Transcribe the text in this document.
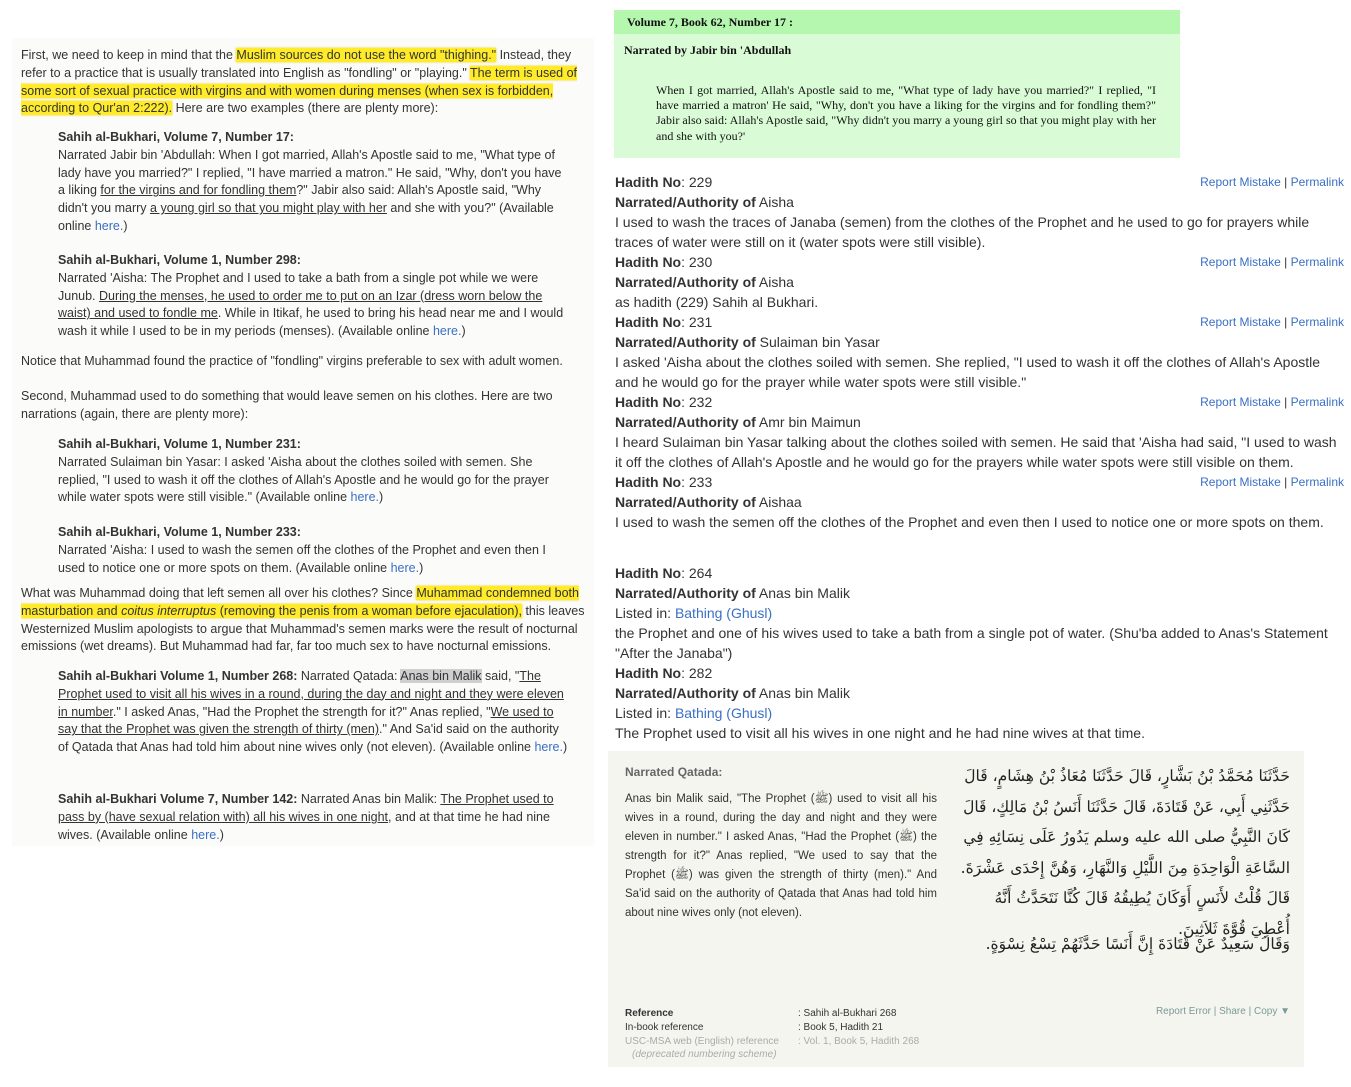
First, we need to keep in mind that the Muslim sources do not use the word "thighing." Instead, they refer to a practice that is usually translated into English as "fondling" or "playing." The term is used of some sort of sexual practice with virgins and with women during menses (when sex is forbidden, according to Qur'an 2:222). Here are two examples (there are plenty more):
Sahih al-Bukhari, Volume 7, Number 17:
Narrated Jabir bin 'Abdullah: When I got married, Allah's Apostle said to me, "What type of lady have you married?" I replied, "I have married a matron." He said, "Why, don't you have a liking for the virgins and for fondling them?" Jabir also said: Allah's Apostle said, "Why didn't you marry a young girl so that you might play with her and she with you?" (Available online here.)
Sahih al-Bukhari, Volume 1, Number 298:
Narrated 'Aisha: The Prophet and I used to take a bath from a single pot while we were Junub. During the menses, he used to order me to put on an Izar (dress worn below the waist) and used to fondle me. While in Itikaf, he used to bring his head near me and I would wash it while I used to be in my periods (menses). (Available online here.)
Notice that Muhammad found the practice of "fondling" virgins preferable to sex with adult women.
Second, Muhammad used to do something that would leave semen on his clothes. Here are two narrations (again, there are plenty more):
Sahih al-Bukhari, Volume 1, Number 231:
Narrated Sulaiman bin Yasar: I asked 'Aisha about the clothes soiled with semen. She replied, "I used to wash it off the clothes of Allah's Apostle and he would go for the prayer while water spots were still visible." (Available online here.)
Sahih al-Bukhari, Volume 1, Number 233:
Narrated 'Aisha: I used to wash the semen off the clothes of the Prophet and even then I used to notice one or more spots on them. (Available online here.)
What was Muhammad doing that left semen all over his clothes? Since Muhammad condemned both masturbation and coitus interruptus (removing the penis from a woman before ejaculation), this leaves Westernized Muslim apologists to argue that Muhammad's semen marks were the result of nocturnal emissions (wet dreams). But Muhammad had far, far too much sex to have nocturnal emissions.
Sahih al-Bukhari Volume 1, Number 268: Narrated Qatada: Anas bin Malik said, "The Prophet used to visit all his wives in a round, during the day and night and they were eleven in number." I asked Anas, "Had the Prophet the strength for it?" Anas replied, "We used to say that the Prophet was given the strength of thirty (men)." And Sa'id said on the authority of Qatada that Anas had told him about nine wives only (not eleven). (Available online here.)
Sahih al-Bukhari Volume 7, Number 142: Narrated Anas bin Malik: The Prophet used to pass by (have sexual relation with) all his wives in one night, and at that time he had nine wives. (Available online here.)
Volume 7, Book 62, Number 17 :
Narrated by Jabir bin 'Abdullah
When I got married, Allah's Apostle said to me, "What type of lady have you married?" I replied, "I have married a matron' He said, "Why, don't you have a liking for the virgins and for fondling them?" Jabir also said: Allah's Apostle said, "Why didn't you marry a young girl so that you might play with her and she with you?'
Hadith No: 229	Report Mistake | Permalink
Narrated/Authority of Aisha
I used to wash the traces of Janaba (semen) from the clothes of the Prophet and he used to go for prayers while traces of water were still on it (water spots were still visible).
Hadith No: 230	Report Mistake | Permalink
Narrated/Authority of Aisha
as hadith (229) Sahih al Bukhari.
Hadith No: 231	Report Mistake | Permalink
Narrated/Authority of Sulaiman bin Yasar
I asked 'Aisha about the clothes soiled with semen. She replied, "I used to wash it off the clothes of Allah's Apostle and he would go for the prayer while water spots were still visible."
Hadith No: 232	Report Mistake | Permalink
Narrated/Authority of Amr bin Maimun
I heard Sulaiman bin Yasar talking about the clothes soiled with semen. He said that 'Aisha had said, "I used to wash it off the clothes of Allah's Apostle and he would go for the prayers while water spots were still visible on them.
Hadith No: 233	Report Mistake | Permalink
Narrated/Authority of Aishaa
I used to wash the semen off the clothes of the Prophet and even then I used to notice one or more spots on them.
Hadith No: 264
Narrated/Authority of Anas bin Malik
Listed in: Bathing (Ghusl)
the Prophet and one of his wives used to take a bath from a single pot of water. (Shu'ba added to Anas's Statement "After the Janaba")
Hadith No: 282
Narrated/Authority of Anas bin Malik
Listed in: Bathing (Ghusl)
The Prophet used to visit all his wives in one night and he had nine wives at that time.
Narrated Qatada:
Anas bin Malik said, "The Prophet (ﷺ) used to visit all his wives in a round, during the day and night and they were eleven in number." I asked Anas, "Had the Prophet (ﷺ) the strength for it?" Anas replied, "We used to say that the Prophet (ﷺ) was given the strength of thirty (men)." And Sa'id said on the authority of Qatada that Anas had told him about nine wives only (not eleven).
حَدَّثَنَا مُحَمَّدُ بْنُ بَشَّارٍ، قَالَ حَدَّثَنَا مُعَاذُ بْنُ هِشَامٍ، قَالَ حَدَّثَنِي أَبِي، عَنْ قَتَادَةَ، قَالَ حَدَّثَنَا أَنَسُ بْنُ مَالِكٍ، قَالَ كَانَ النَّبِيُّ صلى الله عليه وسلم يَدُورُ عَلَى نِسَائِهِ فِي السَّاعَةِ الْوَاحِدَةِ مِنَ اللَّيْلِ وَالنَّهَارِ، وَهُنَّ إِحْدَى عَشْرَةَ‏.‏ قَالَ قُلْتُ لأَنَسٍ أَوَكَانَ يُطِيقُهُ قَالَ كُنَّا نَتَحَدَّثُ أَنَّهُ أُعْطِيَ قُوَّةَ ثَلاَثِينَ‏.‏
وَقَالَ سَعِيدٌ عَنْ قَتَادَةَ إِنَّ أَنَسًا حَدَّثَهُمْ تِسْعُ نِسْوَةٍ‏.‏
Reference	: Sahih al-Bukhari 268
In-book reference	: Book 5, Hadith 21
USC-MSA web (English) reference : Vol. 1, Book 5, Hadith 268
(deprecated numbering scheme)
Report Error | Share | Copy ▼
